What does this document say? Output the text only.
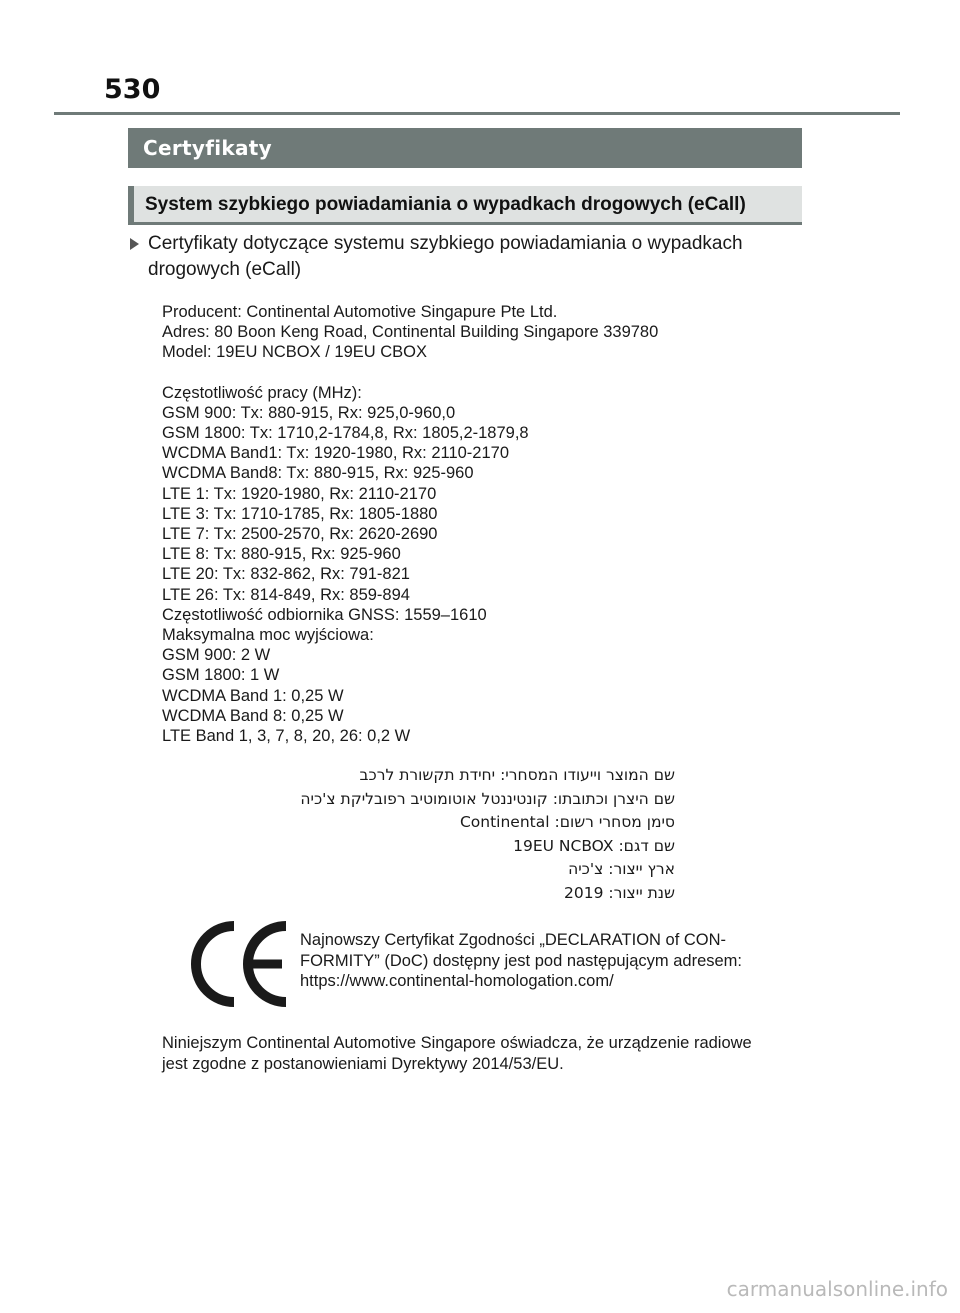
530
Certyfikaty
System szybkiego powiadamiania o wypadkach drogowych (eCall)
Certyfikaty dotyczące systemu szybkiego powiadamiania o wypadkach drogowych (eCall)
Producent: Continental Automotive Singapure Pte Ltd.
Adres: 80 Boon Keng Road, Continental Building Singapore 339780
Model: 19EU NCBOX / 19EU CBOX
Częstotliwość pracy (MHz):
GSM 900: Tx: 880-915, Rx: 925,0-960,0
GSM 1800: Tx: 1710,2-1784,8, Rx: 1805,2-1879,8
WCDMA Band1: Tx: 1920-1980, Rx: 2110-2170
WCDMA Band8: Tx: 880-915, Rx: 925-960
LTE 1: Tx: 1920-1980, Rx: 2110-2170
LTE 3: Tx: 1710-1785, Rx: 1805-1880
LTE 7: Tx: 2500-2570, Rx: 2620-2690
LTE 8: Tx: 880-915, Rx: 925-960
LTE 20: Tx: 832-862, Rx: 791-821
LTE 26: Tx: 814-849, Rx: 859-894
Częstotliwość odbiornika GNSS: 1559–1610
Maksymalna moc wyjściowa:
GSM 900: 2 W
GSM 1800: 1 W
WCDMA Band 1: 0,25 W
WCDMA Band 8: 0,25 W
LTE Band 1, 3, 7, 8, 20, 26: 0,2 W
שם המוצר וייעודו המסחרי: יחידת תקשורת לרכב
שם היצרן וכתובתו: קונטיננטל אוטומוטיב רפובליקת צ'כיה
סימן מסחרי רשום: Continental
שם דגם: 19EU NCBOX
ארץ ייצור: צ'כיה
שנת ייצור: 2019
Najnowszy Certyfikat Zgodności „DECLARATION of CON-
FORMITY” (DoC) dostępny jest pod następującym adresem:
https://www.continental-homologation.com/
Niniejszym Continental Automotive Singapore oświadcza, że urządzenie radiowe
jest zgodne z postanowieniami Dyrektywy 2014/53/EU.
carmanualsonline.info
